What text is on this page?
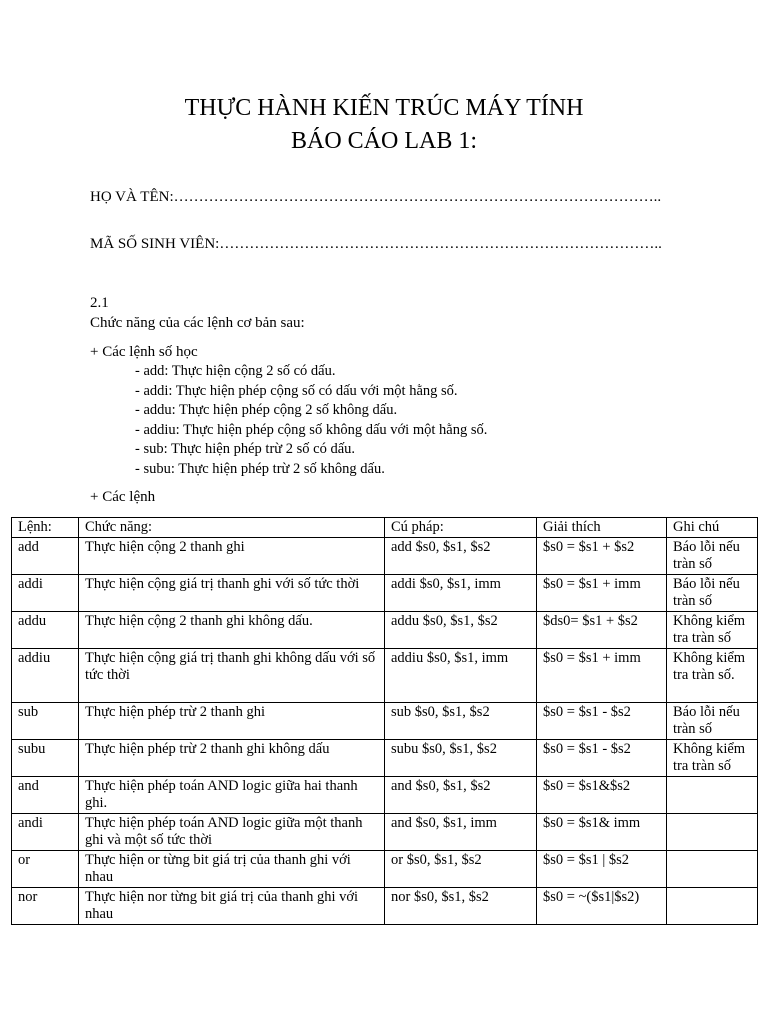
THỰC HÀNH KIẾN TRÚC MÁY TÍNH
BÁO CÁO LAB 1:
HỌ VÀ TÊN:……………………………………………………………………………………..
MÃ SỐ SINH VIÊN:……………………………………………………………………………..
2.1
Chức năng của các lệnh cơ bản sau:
+ Các lệnh số học
- add: Thực hiện cộng 2 số có dấu.
- addi: Thực hiện phép cộng số có dấu với một hằng số.
- addu: Thực hiện phép cộng 2 số không dấu.
- addiu: Thực hiện phép cộng số không dấu với một hằng số.
- sub: Thực hiện phép trừ 2 số có dấu.
- subu: Thực hiện phép trừ 2 số không dấu.
+ Các lệnh
Lệnh:	Chức năng:	Cú pháp:	Giải thích	Ghi chú
add	Thực hiện cộng 2 thanh ghi	add $s0, $s1, $s2	$s0 = $s1 + $s2	Báo lỗi nếu tràn số
addi	Thực hiện cộng giá trị thanh ghi với số tức thời	addi $s0, $s1, imm	$s0 = $s1 + imm	Báo lỗi nếu tràn số
addu	Thực hiện cộng 2 thanh ghi không dấu.	addu $s0, $s1, $s2	$ds0= $s1 + $s2	Không kiểm tra tràn số
addiu	Thực hiện cộng giá trị thanh ghi không dấu với số tức thời	addiu $s0, $s1, imm	$s0 = $s1 + imm	Không kiểm tra tràn số.
sub	Thực hiện phép trừ 2 thanh ghi	sub $s0, $s1, $s2	$s0 = $s1 - $s2	Báo lỗi nếu tràn số
subu	Thực hiện phép trừ 2 thanh ghi không dấu	subu $s0, $s1, $s2	$s0 = $s1 - $s2	Không kiểm tra tràn số
and	Thực hiện phép toán AND logic giữa hai thanh ghi.	and $s0, $s1, $s2	$s0 = $s1&$s2	
andi	Thực hiện phép toán AND logic giữa một thanh ghi và một số tức thời	and $s0, $s1, imm	$s0 = $s1& imm	
or	Thực hiện or từng bit giá trị của thanh ghi với nhau	or $s0, $s1, $s2	$s0 = $s1 | $s2	
nor	Thực hiện nor từng bit giá trị của thanh ghi với nhau	nor $s0, $s1, $s2	$s0 = ~($s1|$s2)	
